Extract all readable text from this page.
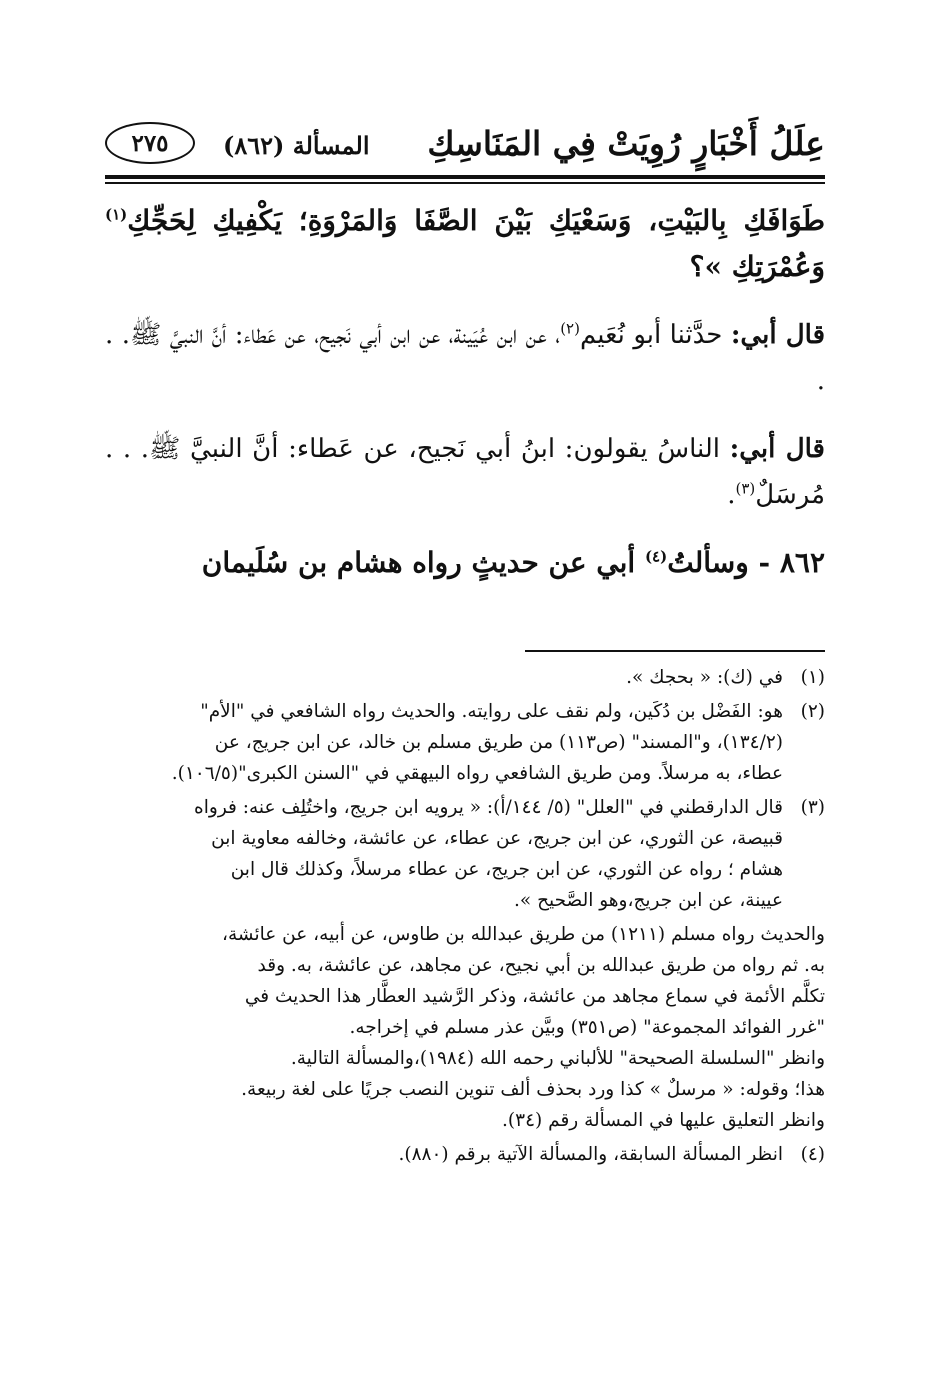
عِلَلُ أَخْبَارٍ رُوِيَتْ فِي المَنَاسِكِ
المسألة (٨٦٢)
٢٧٥

طَوَافَكِ بِالبَيْتِ، وَسَعْيَكِ بَيْنَ الصَّفَا وَالمَرْوَةِ؛ يَكْفِيكِ لِحَجِّكِ$^{(١)}$ وَعُمْرَتِكِ »؟

قال أبي: حدَّثنا أبو نُعَيم$^{(٢)}$، عن ابن عُيَينة، عن ابن أبي نَجيح، عن عَطاء: أنَّ النبيَّ ﷺ. . .

قال أبي: الناسُ يقولون: ابنُ أبي نَجيح، عن عَطاء: أنَّ النبيَّ ﷺ. . . مُرسَلٌ$^{(٣)}$.

٨٦٢ - وسألتُ$^{(٤)}$ أبي عن حديثٍ رواه هشام بن سُلَيمان

(١)
في (ك): « بحجك ».
(٢)
هو: الفَضْل بن دُكَين، ولم نقف على روايته. والحديث رواه الشافعي في "الأم"
(١٣٤/٢)، و"المسند" (ص١١٣) من طريق مسلم بن خالد، عن ابن جريج، عن
عطاء، به مرسلاً. ومن طريق الشافعي رواه البيهقي في "السنن الكبرى"(١٠٦/٥).
(٣)
قال الدارقطني في "العلل" (٥/ ١٤٤/أ): « يرويه ابن جريج، واختُلِف عنه: فرواه
قبيصة، عن الثوري، عن ابن جريج، عن عطاء، عن عائشة، وخالفه معاوية ابن
هشام ؛ رواه عن الثوري، عن ابن جريج، عن عطاء مرسلاً، وكذلك قال ابن
عيينة، عن ابن جريج،وهو الصَّحيح ».
والحديث رواه مسلم (١٢١١) من طريق عبدالله بن طاوس، عن أبيه، عن عائشة،
به. ثم رواه من طريق عبدالله بن أبي نجيح، عن مجاهد، عن عائشة، به. وقد
تكلَّم الأئمة في سماع مجاهد من عائشة، وذكر الرَّشيد العطَّار هذا الحديث في
"غرر الفوائد المجموعة" (ص٣٥١) وبيَّن عذر مسلم في إخراجه.
وانظر "السلسلة الصحيحة" للألباني رحمه الله (١٩٨٤)،والمسألة التالية.
هذا؛ وقوله: « مرسلٌ » كذا ورد بحذف ألف تنوين النصب جريًا على لغة ربيعة.
وانظر التعليق عليها في المسألة رقم (٣٤).
(٤)
انظر المسألة السابقة، والمسألة الآتية برقم (٨٨٠).
